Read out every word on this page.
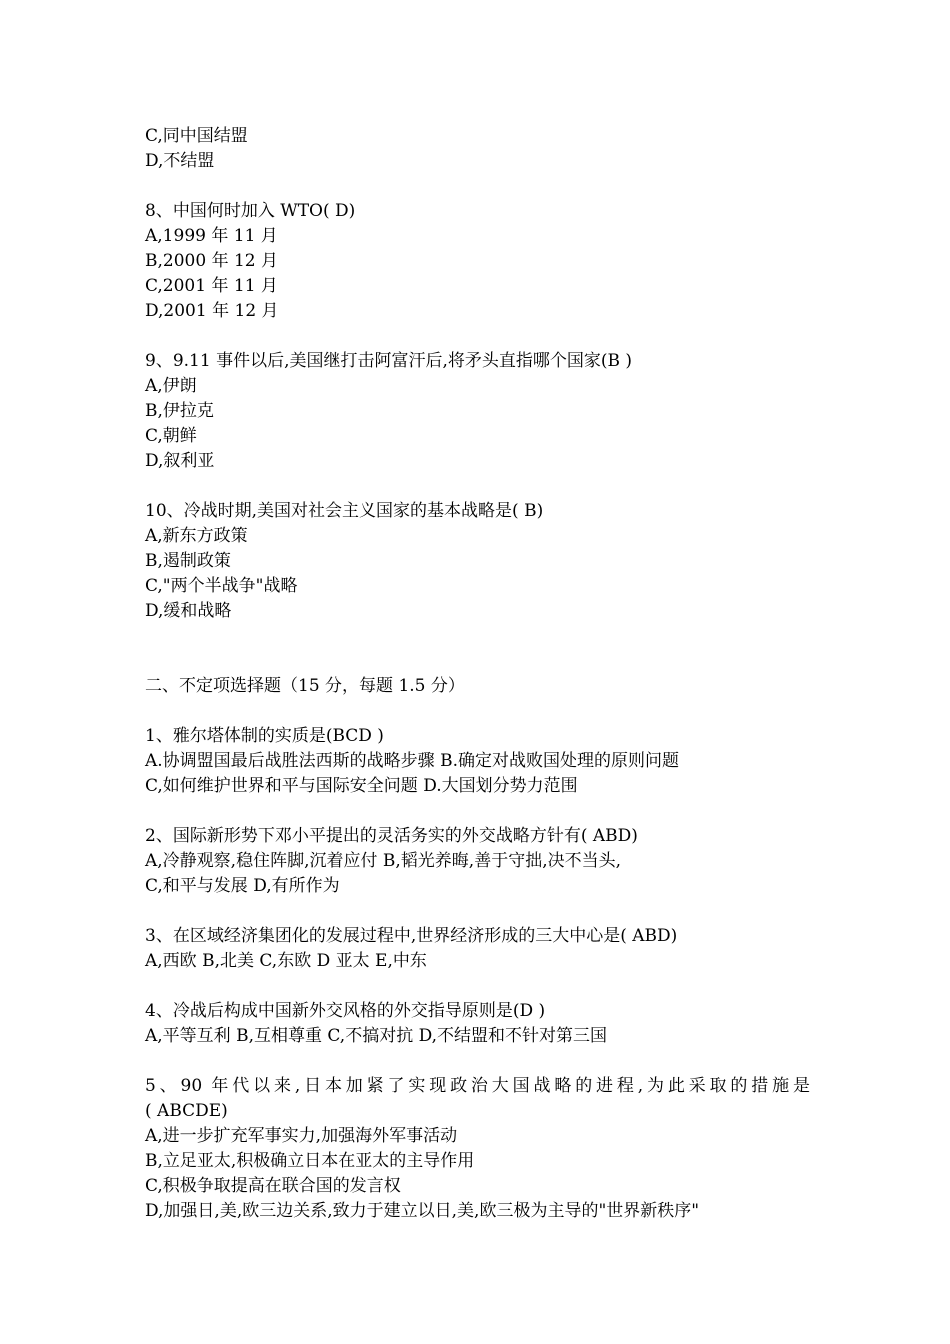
C,同中国结盟
D,不结盟
8、中国何时加入 WTO( D)
A,1999 年 11 月
B,2000 年 12 月
C,2001 年 11 月
D,2001 年 12 月
9、9.11 事件以后,美国继打击阿富汗后,将矛头直指哪个国家(B )
A,伊朗
B,伊拉克
C,朝鲜
D,叙利亚
10、冷战时期,美国对社会主义国家的基本战略是( B)
A,新东方政策
B,遏制政策
C,"两个半战争"战略
D,缓和战略
二、不定项选择题（15 分，每题 1.5 分）
1、雅尔塔体制的实质是(BCD )
A.协调盟国最后战胜法西斯的战略步骤 B.确定对战败国处理的原则问题
C,如何维护世界和平与国际安全问题 D.大国划分势力范围
2、国际新形势下邓小平提出的灵活务实的外交战略方针有( ABD)
A,冷静观察,稳住阵脚,沉着应付 B,韬光养晦,善于守拙,决不当头,
C,和平与发展 D,有所作为
3、在区域经济集团化的发展过程中,世界经济形成的三大中心是( ABD)
A,西欧 B,北美 C,东欧 D 亚太 E,中东
4、冷战后构成中国新外交风格的外交指导原则是(D )
A,平等互利 B,互相尊重 C,不搞对抗 D,不结盟和不针对第三国
5、90 年代以来,日本加紧了实现政治大国战略的进程,为此采取的措施是
( ABCDE)
A,进一步扩充军事实力,加强海外军事活动
B,立足亚太,积极确立日本在亚太的主导作用
C,积极争取提高在联合国的发言权
D,加强日,美,欧三边关系,致力于建立以日,美,欧三极为主导的"世界新秩序"
